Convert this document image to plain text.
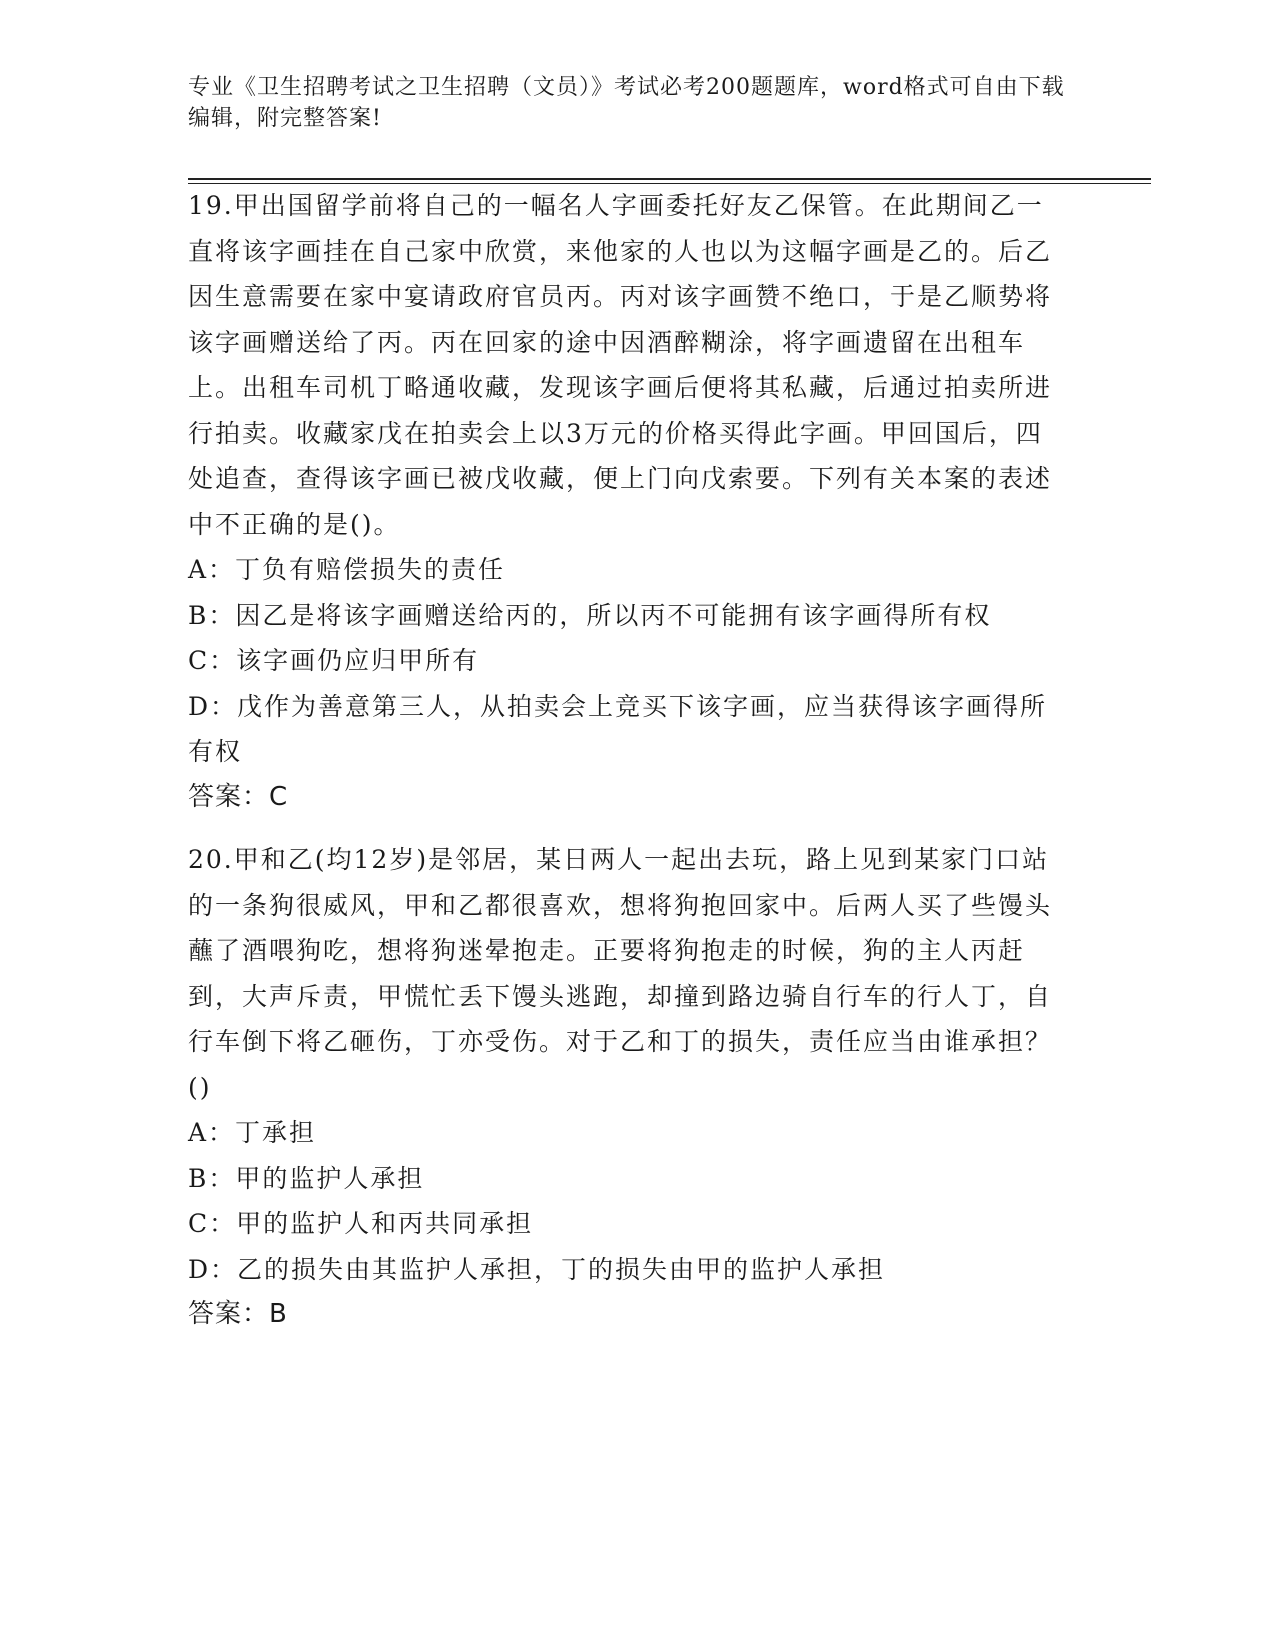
专业《卫生招聘考试之卫生招聘（文员）》考试必考200题题库，word格式可自由下载编辑，附完整答案!

19.甲出国留学前将自己的一幅名人字画委托好友乙保管。在此期间乙一直将该字画挂在自己家中欣赏，来他家的人也以为这幅字画是乙的。后乙因生意需要在家中宴请政府官员丙。丙对该字画赞不绝口，于是乙顺势将该字画赠送给了丙。丙在回家的途中因酒醉糊涂，将字画遗留在出租车上。出租车司机丁略通收藏，发现该字画后便将其私藏，后通过拍卖所进行拍卖。收藏家戊在拍卖会上以3万元的价格买得此字画。甲回国后，四处追查，查得该字画已被戊收藏，便上门向戊索要。下列有关本案的表述中不正确的是()。

A：丁负有赔偿损失的责任

B：因乙是将该字画赠送给丙的，所以丙不可能拥有该字画得所有权

C：该字画仍应归甲所有

D：戊作为善意第三人，从拍卖会上竞买下该字画，应当获得该字画得所有权

答案：C

20.甲和乙(均12岁)是邻居，某日两人一起出去玩，路上见到某家门口站的一条狗很威风，甲和乙都很喜欢，想将狗抱回家中。后两人买了些馒头蘸了酒喂狗吃，想将狗迷晕抱走。正要将狗抱走的时候，狗的主人丙赶到，大声斥责，甲慌忙丢下馒头逃跑，却撞到路边骑自行车的行人丁，自行车倒下将乙砸伤，丁亦受伤。对于乙和丁的损失，责任应当由谁承担？()

A：丁承担

B：甲的监护人承担

C：甲的监护人和丙共同承担

D：乙的损失由其监护人承担，丁的损失由甲的监护人承担

答案：B
